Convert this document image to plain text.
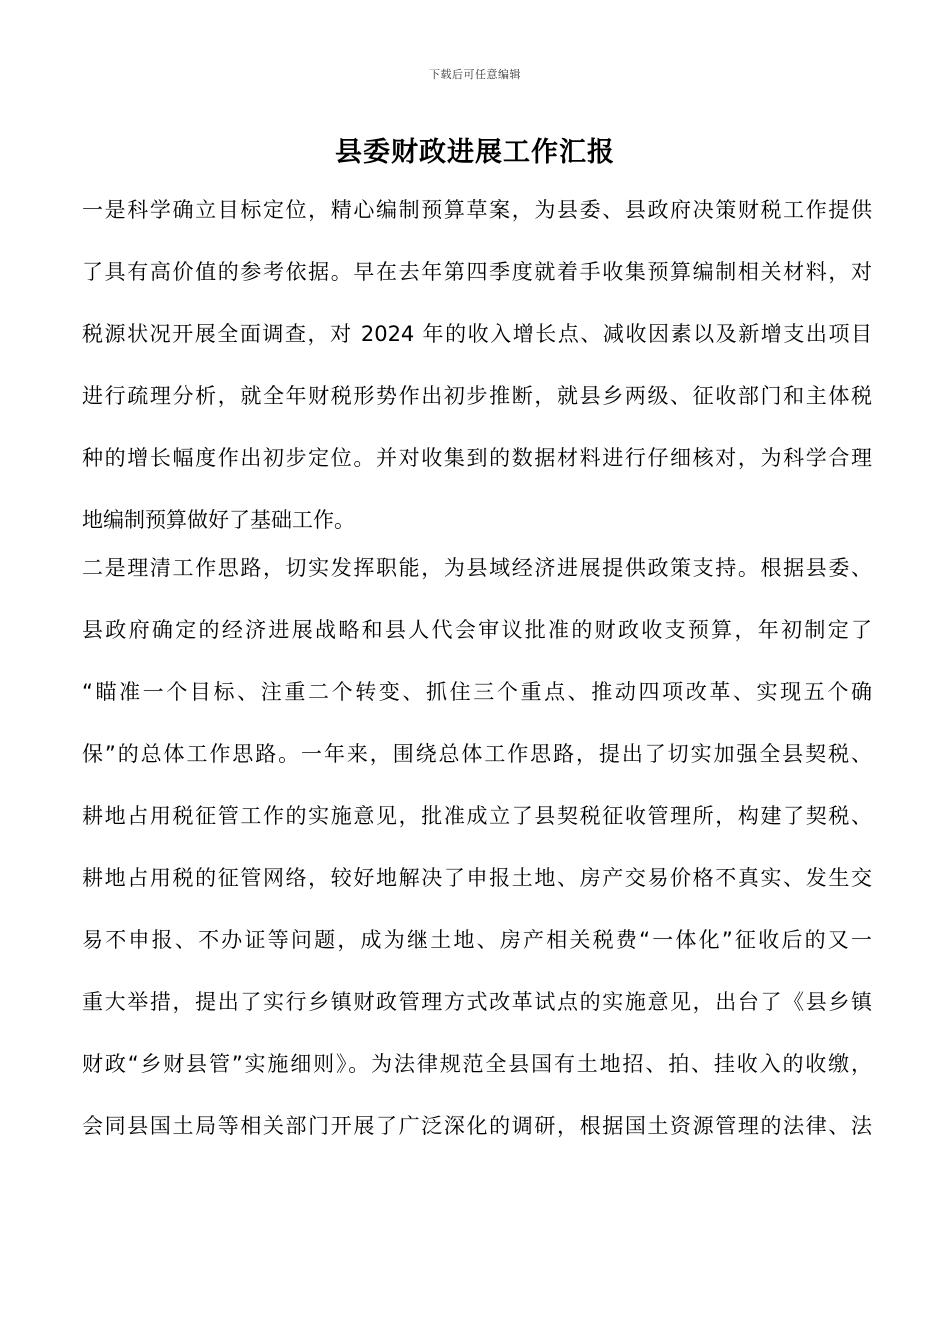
下载后可任意编辑
县委财政进展工作汇报
一是科学确立目标定位，精心编制预算草案，为县委、县政府决策财税工作提供
了具有高价值的参考依据。早在去年第四季度就着手收集预算编制相关材料，对
税源状况开展全面调查，对 2024 年的收入增长点、减收因素以及新增支出项目
进行疏理分析，就全年财税形势作出初步推断，就县乡两级、征收部门和主体税
种的增长幅度作出初步定位。并对收集到的数据材料进行仔细核对，为科学合理
地编制预算做好了基础工作。
二是理清工作思路，切实发挥职能，为县域经济进展提供政策支持。根据县委、
县政府确定的经济进展战略和县人代会审议批准的财政收支预算，年初制定了
“瞄准一个目标、注重二个转变、抓住三个重点、推动四项改革、实现五个确
保”的总体工作思路。一年来，围绕总体工作思路，提出了切实加强全县契税、
耕地占用税征管工作的实施意见，批准成立了县契税征收管理所，构建了契税、
耕地占用税的征管网络，较好地解决了申报土地、房产交易价格不真实、发生交
易不申报、不办证等问题，成为继土地、房产相关税费“一体化”征收后的又一
重大举措，提出了实行乡镇财政管理方式改革试点的实施意见，出台了《县乡镇
财政“乡财县管”实施细则》。为法律规范全县国有土地招、拍、挂收入的收缴，
会同县国土局等相关部门开展了广泛深化的调研，根据国土资源管理的法律、法
